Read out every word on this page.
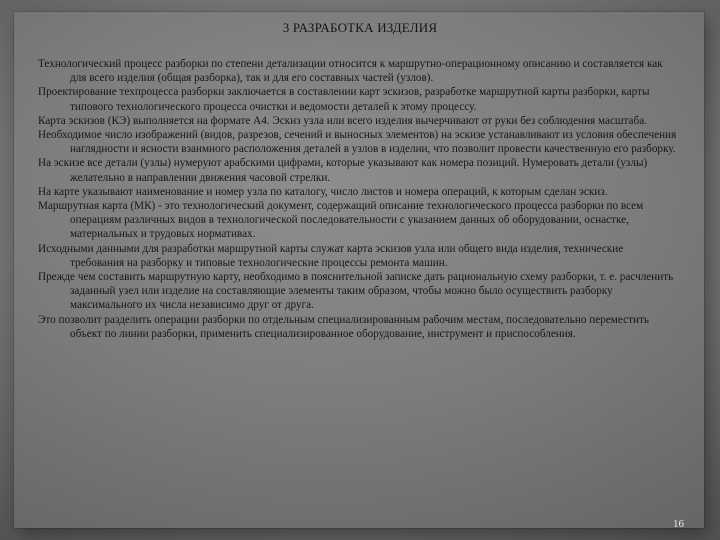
3 РАЗРАБОТКА ИЗДЕЛИЯ

Технологический процесс разборки по степени детализации относится к маршрутно-операционному описанию и составляется как для всего изделия (общая разборка), так и для его составных частей (узлов).

Проектирование техпроцесса разборки заключается в составлении карт эскизов, разработке маршрутной карты разборки, карты типового технологического процесса очистки и ведомости деталей к этому процессу.

Карта эскизов (КЭ) выполняется на формате А4. Эскиз узла или всего изделия вычерчивают от руки без соблюдения масштаба.

Необходимое число изображений (видов, разрезов, сечений и выносных элементов) на эскизе устанавливают из условия обеспечения наглядности и ясности взаимного расположения деталей в узлов в изделии, что позволит провести качественную его разборку.

На эскизе все детали (узлы) нумеруют арабскими цифрами, которые указывают как номера позиций. Нумеровать детали (узлы) желательно в направлении движения часовой стрелки.

На карте указывают наименование и номер узла по каталогу, число листов и номера операций, к которым сделан эскиз.

Маршрутная карта (МК) - это технологический документ, содержащий описание технологического процесса разборки по всем операциям различных видов в технологической последовательности с указанием данных об оборудовании, оснастке, материальных и трудовых нормативах.

Исходными данными для разработки маршрутной карты служат карта эскизов узла или общего вида изделия, технические требования на разборку и типовые технологические процессы ремонта машин.

Прежде чем составить маршрутную карту, необходимо в пояснительной записке дать рациональную схему разборки, т. е. расчленить заданный узел или изделие на составляющие элементы таким образом, чтобы можно было осуществить разборку максимального их числа независимо друг от друга.

Это позволит разделить операции разборки по отдельным специализированным рабочим местам, последовательно переместить объект по линии разборки, применить специализированное оборудование, инструмент и приспособления.

16
